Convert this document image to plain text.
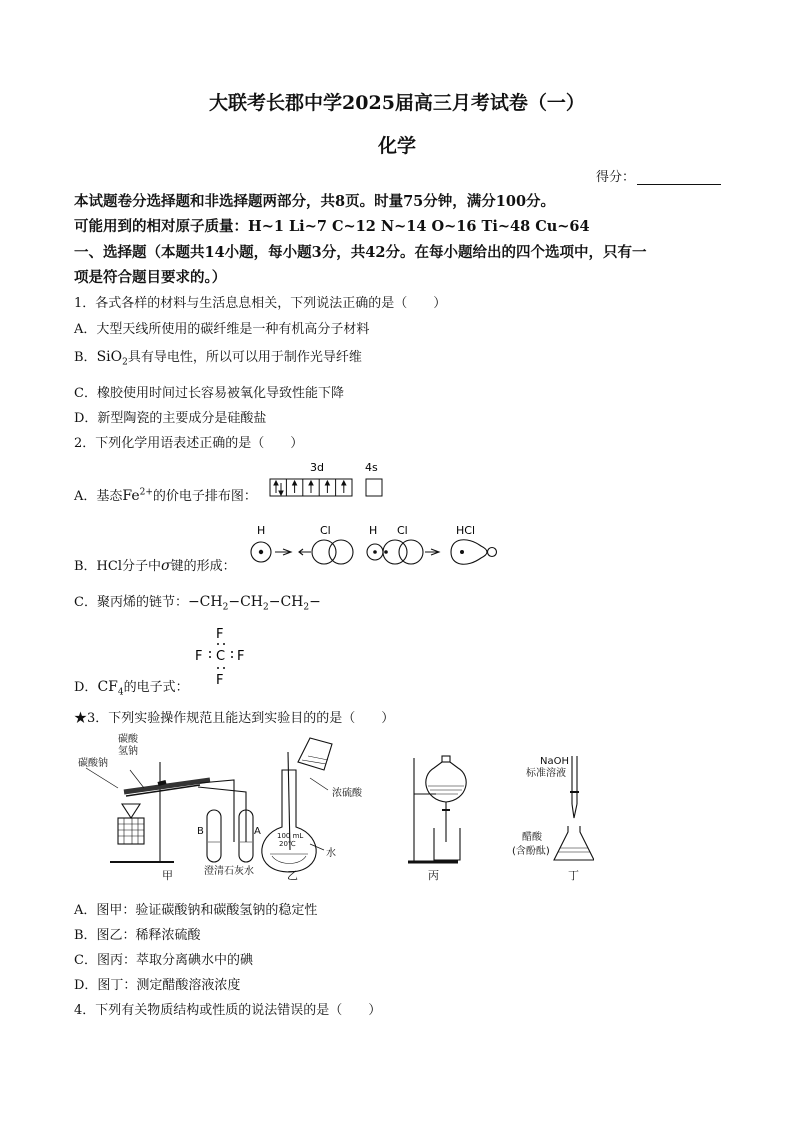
大联考长郡中学2025届高三月考试卷（一）
化学
得分：
本试题卷分选择题和非选择题两部分，共8页。时量75分钟，满分100分。
可能用到的相对原子质量：H~1 Li~7 C~12 N~14 O~16 Ti~48 Cu~64
一、选择题（本题共14小题，每小题3分，共42分。在每小题给出的四个选项中，只有一
项是符合题目要求的。）
1．各式各样的材料与生活息息相关，下列说法正确的是（　　）
A．大型天线所使用的碳纤维是一种有机高分子材料
B．SiO$_2$具有导电性，所以可以用于制作光导纤维
C．橡胶使用时间过长容易被氧化导致性能下降
D．新型陶瓷的主要成分是硅酸盐
2．下列化学用语表述正确的是（　　）
A．基态$Fe^{2+}$的价电子排布图：
3d	4s
B．HCl分子中σ键的形成：
H	Cl	H Cl	HCl
C．聚丙烯的链节：$-CH_2-CH_2-CH_2-$
D．$CF_4$的电子式：
F
F C F
F
★3．下列实验操作规范且能达到实验目的的是（　　）
碳酸
氢钠
碳酸钠
B	A
澄清石灰水
甲
浓硫酸
100 mL
20℃
水
乙	丙
NaOH
标准溶液
醋酸
(含酚酞)
丁
A．图甲：验证碳酸钠和碳酸氢钠的稳定性
B．图乙：稀释浓硫酸
C．图丙：萃取分离碘水中的碘
D．图丁：测定醋酸溶液浓度
4．下列有关物质结构或性质的说法错误的是（　　）
